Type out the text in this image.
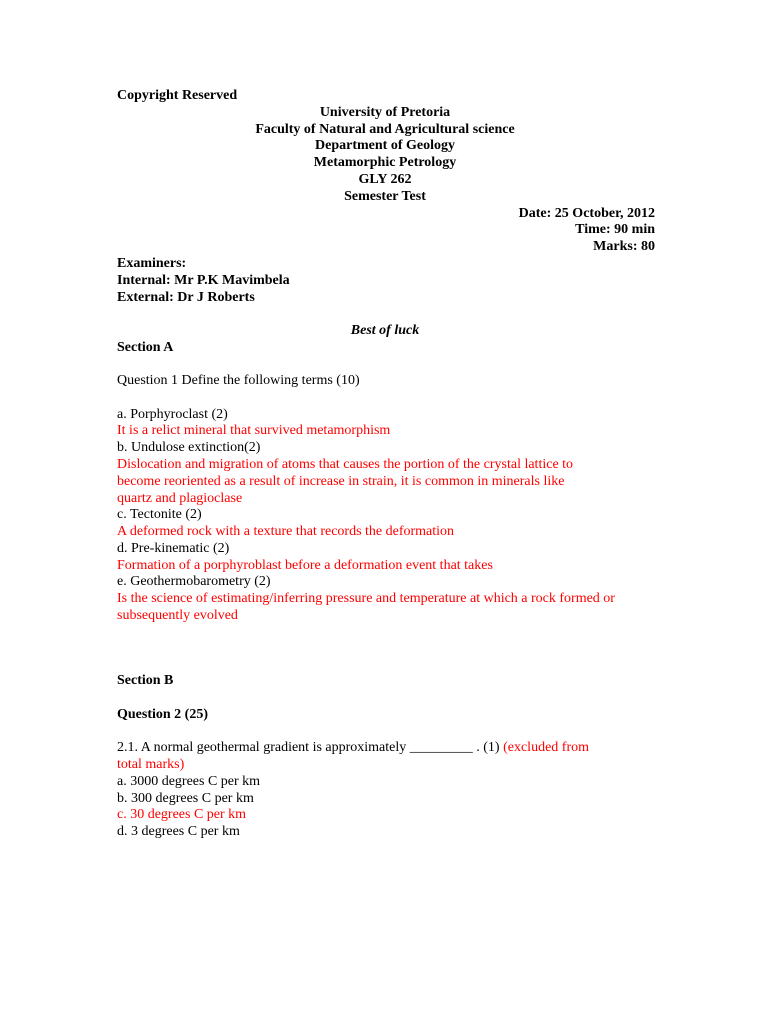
Copyright Reserved
University of Pretoria
Faculty of Natural and Agricultural science
Department of Geology
Metamorphic Petrology
GLY 262
Semester Test
Date: 25 October, 2012
Time: 90 min
Marks: 80
Examiners:
Internal: Mr P.K Mavimbela
External: Dr J Roberts
Best of luck
Section A
Question 1 Define the following terms (10)
a. Porphyroclast (2)
It is a relict mineral that survived metamorphism
b. Undulose extinction(2)
Dislocation and migration of atoms that causes the portion of the crystal lattice to
become reoriented as a result of increase in strain, it is common in minerals like
quartz and plagioclase
c. Tectonite (2)
A deformed rock with a texture that records the deformation
d. Pre-kinematic (2)
Formation of a porphyroblast before a deformation event that takes
e. Geothermobarometry (2)
Is the science of estimating/inferring pressure and temperature at which a rock formed or
subsequently evolved
Section B
Question 2 (25)
2.1. A normal geothermal gradient is approximately _________ . (1) (excluded from
total marks)
a. 3000 degrees C per km
b. 300 degrees C per km
c. 30 degrees C per km
d. 3 degrees C per km
